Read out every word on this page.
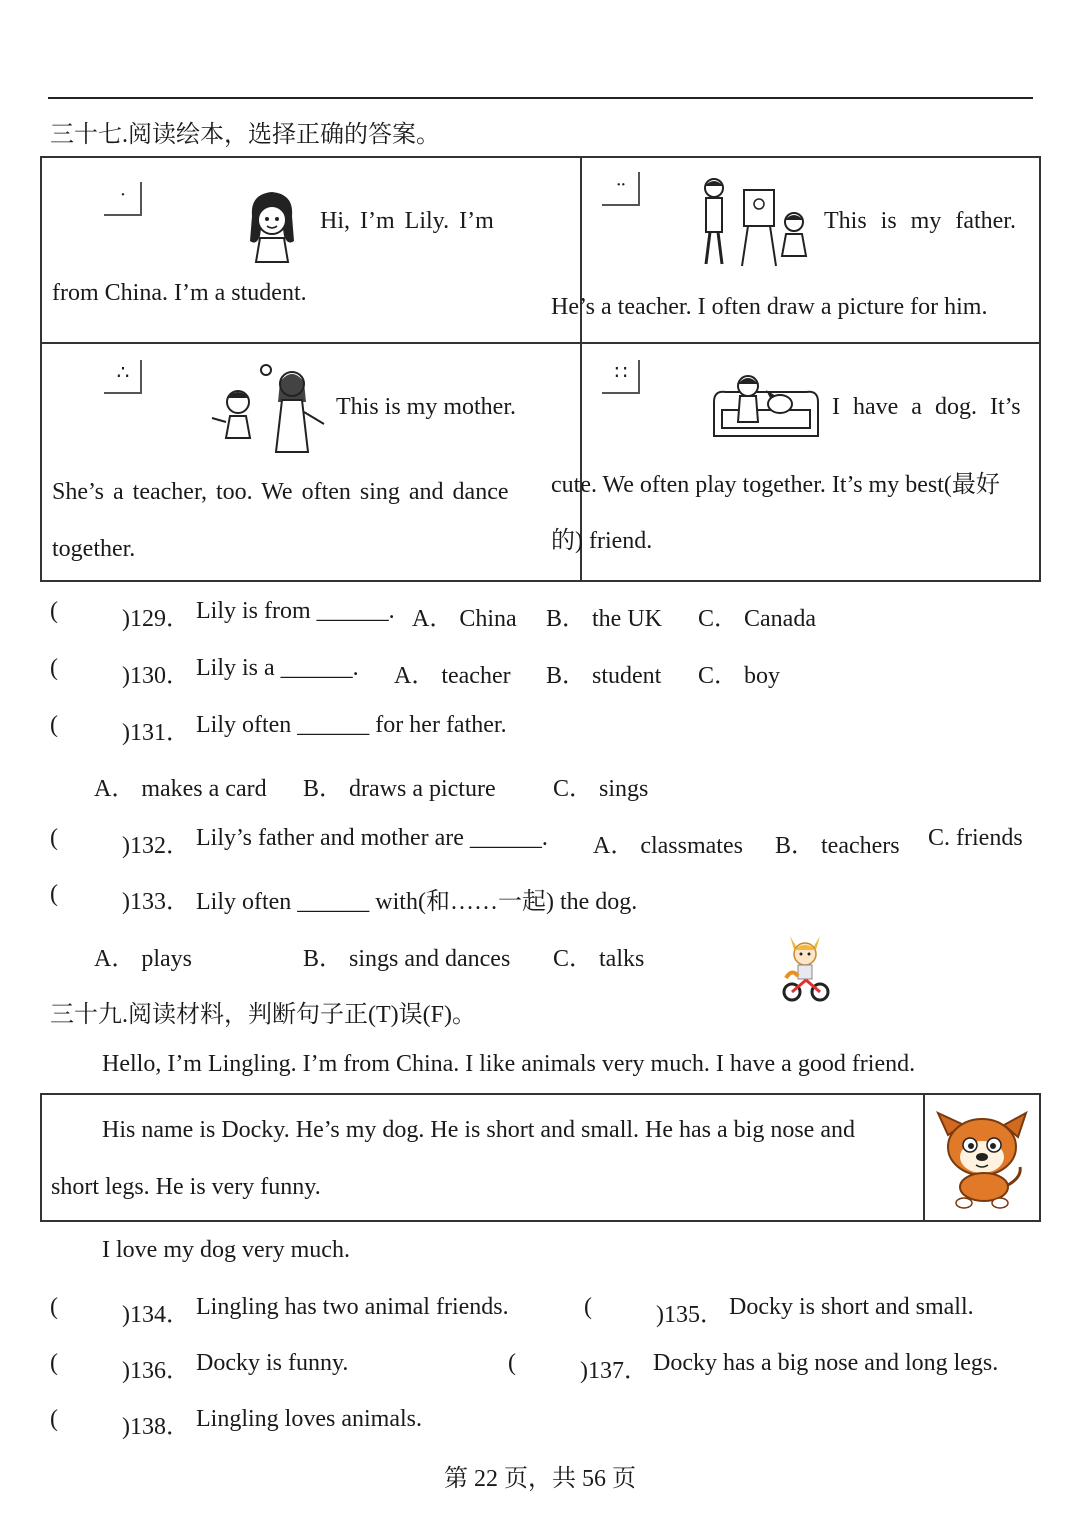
三十七.阅读绘本，选择正确的答案。
·
Hi, I’m Lily. I’m
from China. I’m a student.
··
This is my father.
He’s a teacher. I often draw a picture for him.
∴
This is my mother.
She’s a teacher, too. We often sing and dance
together.
∷
I have a dog. It’s
cute. We often play together. It’s my best(最好
的) friend.
(	)129． Lily is from ______. A． China B． the UK C． Canada
(	)130． Lily is a ______. A． teacher B． student C． boy
(	)131． Lily often ______ for her father.
A． makes a card B． draws a picture C． sings
(	)132． Lily’s father and mother are ______. A． classmates B． teachers C. friends
(	)133． Lily often ______ with(和……一起) the dog.
A． plays	B． sings and dances C． talks
三十九.阅读材料，判断句子正(T)误(F)。
Hello, I’m Lingling. I’m from China. I like animals very much. I have a good friend.
His name is Docky. He’s my dog. He is short and small. He has a big nose and
short legs. He is very funny.
I love my dog very much.
(	)134． Lingling has two animal friends.	(	)135． Docky is short and small.
(	)136． Docky is funny.	(	)137． Docky has a big nose and long legs.
(	)138． Lingling loves animals.
第 22 页，共 56 页
